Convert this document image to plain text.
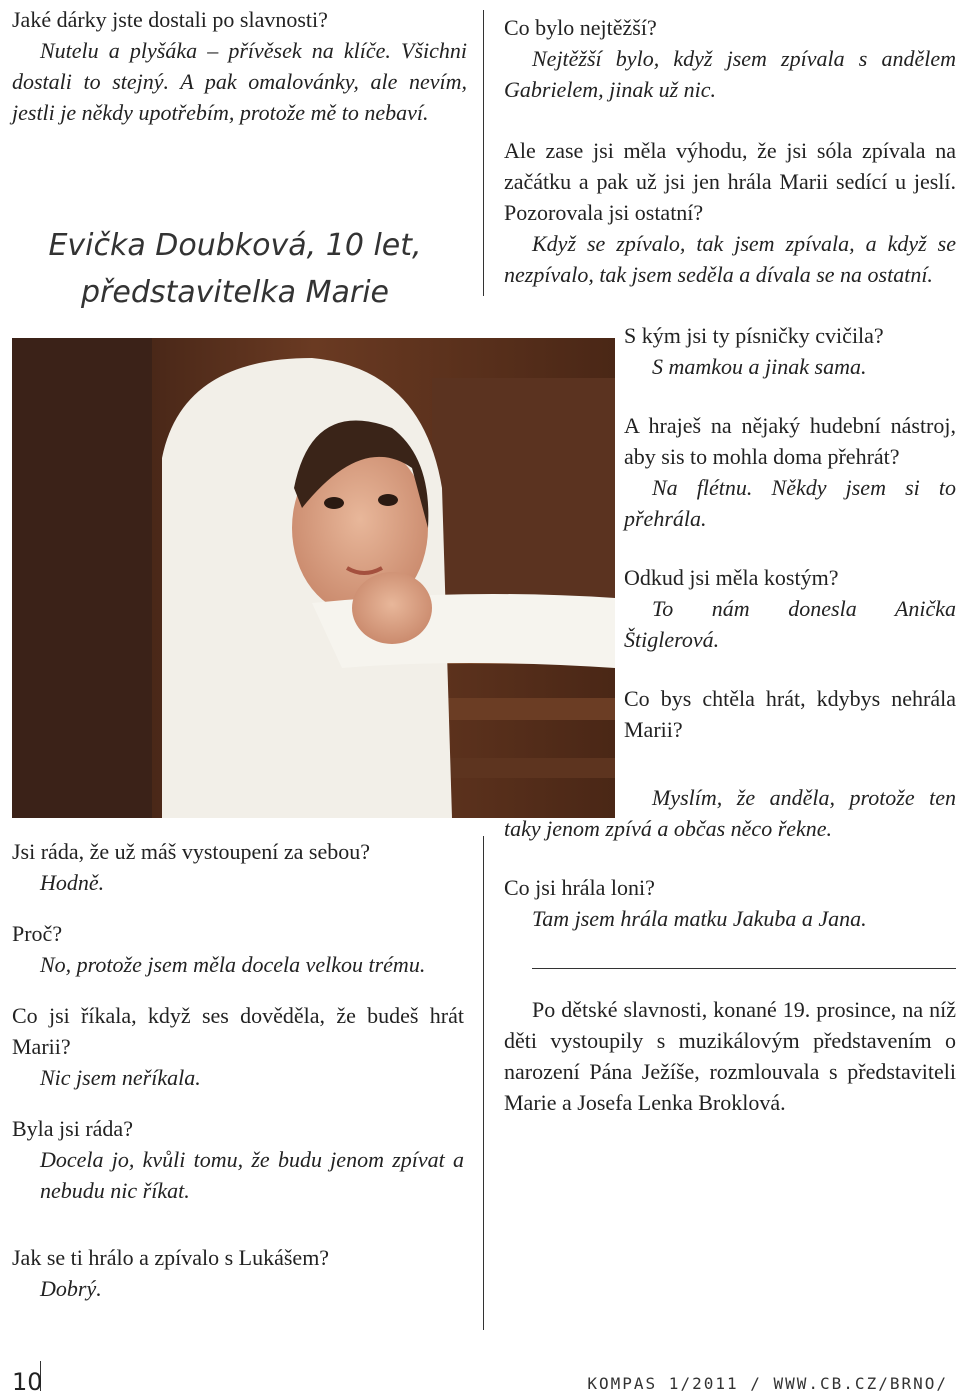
Jaké dárky jste dostali po slavnosti?
Nutelu a plyšáka – přívěsek na klíče. Všichni dostali to stejný. A pak omalovánky, ale nevím, jestli je někdy upotřebím, protože mě to nebaví.
Evička Doubková, 10 let,
představitelka Marie
Jsi ráda, že už máš vystoupení za sebou?
Hodně.
Proč?
No, protože jsem měla docela velkou trému.
Co jsi říkala, když ses dověděla, že budeš hrát Marii?
Nic jsem neříkala.
Byla jsi ráda?
Docela jo, kvůli tomu, že budu jenom zpívat a nebudu nic říkat.
Jak se ti hrálo a zpívalo s Lukášem?
Dobrý.
Co bylo nejtěžší?
Nejtěžší bylo, když jsem zpívala s andělem Gabrielem, jinak už nic.
Ale zase jsi měla výhodu, že jsi sóla zpívala na začátku a pak už jsi jen hrála Marii sedící u jeslí. Pozorovala jsi ostatní?
Když se zpívalo, tak jsem zpívala, a když se nezpívalo, tak jsem seděla a dívala se na ostatní.
S kým jsi ty písničky cvičila?
S mamkou a jinak sama.
A hraješ na nějaký hudební nástroj, aby sis to mohla doma přehrát?
Na flétnu. Někdy jsem si to přehrála.
Odkud jsi měla kostým?
To nám donesla Anička Štiglerová.
Co bys chtěla hrát, kdybys nehrála Marii?
Myslím, že anděla, protože ten taky jenom zpívá a občas něco řekne.
Co jsi hrála loni?
Tam jsem hrála matku Jakuba a Jana.
Po dětské slavnosti, konané 19. prosince, na níž děti vystoupily s muzikálovým představením o narození Pána Ježíše, rozmlouvala s představiteli Marie a Josefa Lenka Broklová.
10	KOMPAS 1/2011 / WWW.CB.CZ/BRNO/
